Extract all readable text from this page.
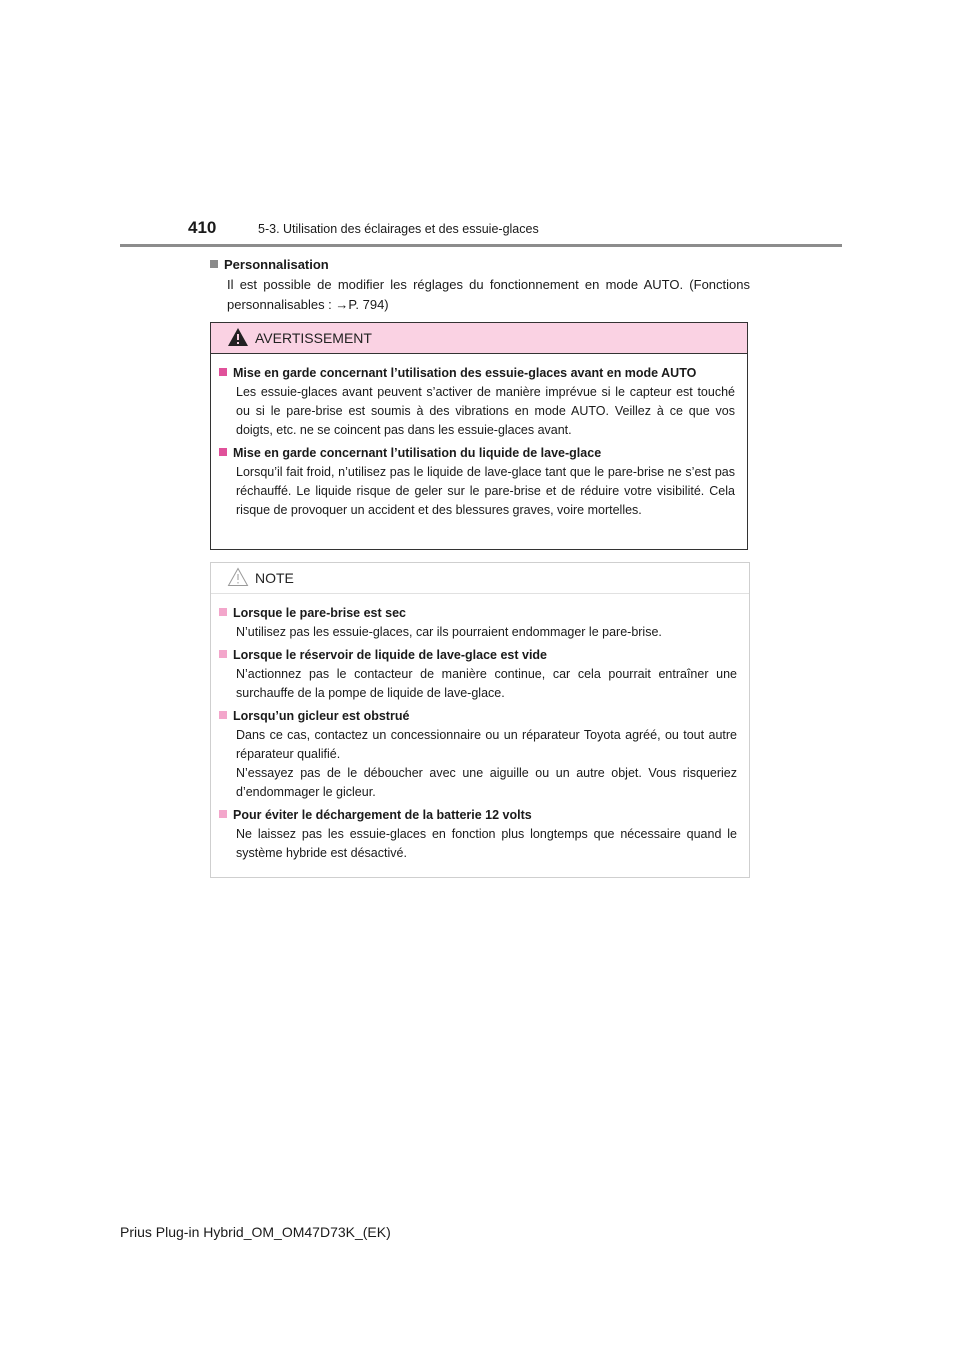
410	5-3. Utilisation des éclairages et des essuie-glaces
Personnalisation
Il est possible de modifier les réglages du fonctionnement en mode AUTO. (Fonctions personnalisables : →P. 794)
AVERTISSEMENT
Mise en garde concernant l’utilisation des essuie-glaces avant en mode AUTO
Les essuie-glaces avant peuvent s’activer de manière imprévue si le capteur est touché ou si le pare-brise est soumis à des vibrations en mode AUTO. Veillez à ce que vos doigts, etc. ne se coincent pas dans les essuie-glaces avant.
Mise en garde concernant l’utilisation du liquide de lave-glace
Lorsqu’il fait froid, n’utilisez pas le liquide de lave-glace tant que le pare-brise ne s’est pas réchauffé. Le liquide risque de geler sur le pare-brise et de réduire votre visibilité. Cela risque de provoquer un accident et des blessures graves, voire mortelles.
NOTE
Lorsque le pare-brise est sec
N’utilisez pas les essuie-glaces, car ils pourraient endommager le pare-brise.
Lorsque le réservoir de liquide de lave-glace est vide
N’actionnez pas le contacteur de manière continue, car cela pourrait entraîner une surchauffe de la pompe de liquide de lave-glace.
Lorsqu’un gicleur est obstrué
Dans ce cas, contactez un concessionnaire ou un réparateur Toyota agréé, ou tout autre réparateur qualifié.
N’essayez pas de le déboucher avec une aiguille ou un autre objet. Vous risqueriez d’endommager le gicleur.
Pour éviter le déchargement de la batterie 12 volts
Ne laissez pas les essuie-glaces en fonction plus longtemps que nécessaire quand le système hybride est désactivé.
Prius Plug-in Hybrid_OM_OM47D73K_(EK)
